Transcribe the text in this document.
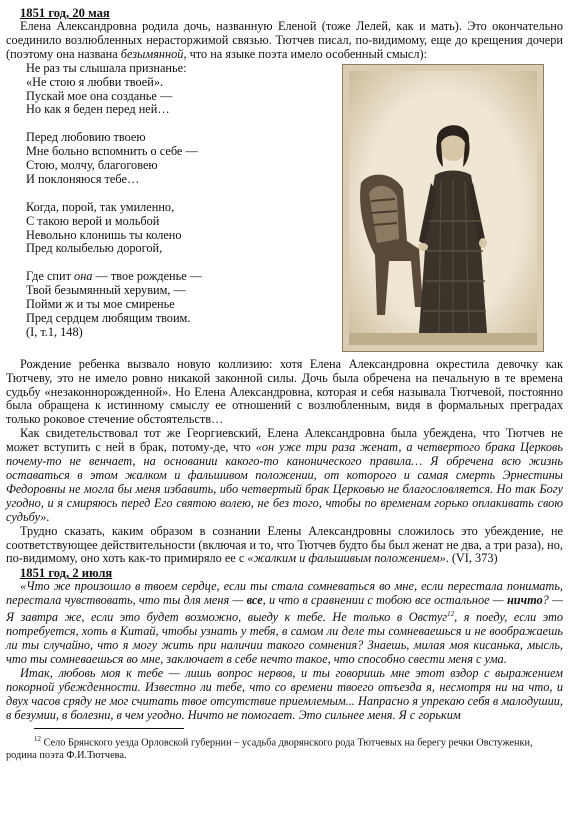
1851 год, 20 мая

Елена Александровна родила дочь, названную Еленой (тоже Лелей, как и мать). Это окончательно соединило возлюбленных нерасторжимой связью. Тютчев писал, по-видимому, еще до крещения дочери (поэтому она названа безымянной, что на языке поэта имело особенный смысл):

Не раз ты слышала признанье:
«Не стою я любви твоей».
Пускай мое она созданье —
Но как я беден перед ней…
Перед любовию твоею
Мне больно вспомнить о себе —
Стою, молчу, благоговею
И поклоняюся тебе…
Когда, порой, так умиленно,
С такою верой и мольбой
Невольно клонишь ты колено
Пред колыбелью дорогой,
Где спит она — твое рожденье —
Твой безымянный херувим, —
Пойми ж и ты мое смиренье
Пред сердцем любящим твоим.
(I, т.1, 148)

Рождение ребенка вызвало новую коллизию: хотя Елена Александровна окрестила девочку как Тютчеву, это не имело ровно никакой законной силы. Дочь была обречена на печальную в те времена судьбу «незаконнорожденной». Но Елена Александровна, которая и себя называла Тютчевой, постоянно была обращена к истинному смыслу ее отношений с возлюбленным, видя в формальных преградах только роковое стечение обстоятельств…

Как свидетельствовал тот же Георгиевский, Елена Александровна была убеждена, что Тютчев не может вступить с ней в брак, потому-де, что «он уже три раза женат, а четвертого брака Церковь почему-то не венчает, на основании какого-то канонического правила… Я обречена всю жизнь оставаться в этом жалком и фальшивом положении, от которого и самая смерть Эрнестины Федоровны не могла бы меня избавить, ибо четвертый брак Церковью не благословляется. Но так Богу угодно, и я смиряюсь перед Его святою волею, не без того, чтобы по временам горько оплакивать свою судьбу».

Трудно сказать, каким образом в сознании Елены Александровны сложилось это убеждение, не соответствующее действительности (включая и то, что Тютчев будто бы был женат не два, а три раза), но, по-видимому, оно хоть как-то примиряло ее с «жалким и фальшивым положением». (VI, 373)

1851 год, 2 июля

«Что же произошло в твоем сердце, если ты стала сомневаться во мне, если перестала понимать, перестала чувствовать, что ты для меня — все, и что в сравнении с тобою все остальное — ничто? — Я завтра же, если это будет возможно, выеду к тебе. Не только в Овстуг$^{12}$, я поеду, если это потребуется, хоть в Китай, чтобы узнать у тебя, в самом ли деле ты сомневаешься и не воображаешь ли ты случайно, что я могу жить при наличии такого сомнения? Знаешь, милая моя кисанька, мысль, что ты сомневаешься во мне, заключает в себе нечто такое, что способно свести меня с ума.

Итак, любовь моя к тебе — лишь вопрос нервов, и ты говоришь мне этот вздор с выражением покорной убежденности. Известно ли тебе, что со времени твоего отъезда я, несмотря ни на что, и двух часов сряду не мог считать твое отсутствие приемлемым... Напрасно я упрекаю себя в малодушии, в безумии, в болезни, в чем угодно. Ничто не помогает. Это сильнее меня. Я с горьким

$^{12}$ Село Брянского уезда Орловской губернии – усадьба дворянского рода Тютчевых на берегу речки Овстуженки, родина поэта Ф.И.Тютчева.
